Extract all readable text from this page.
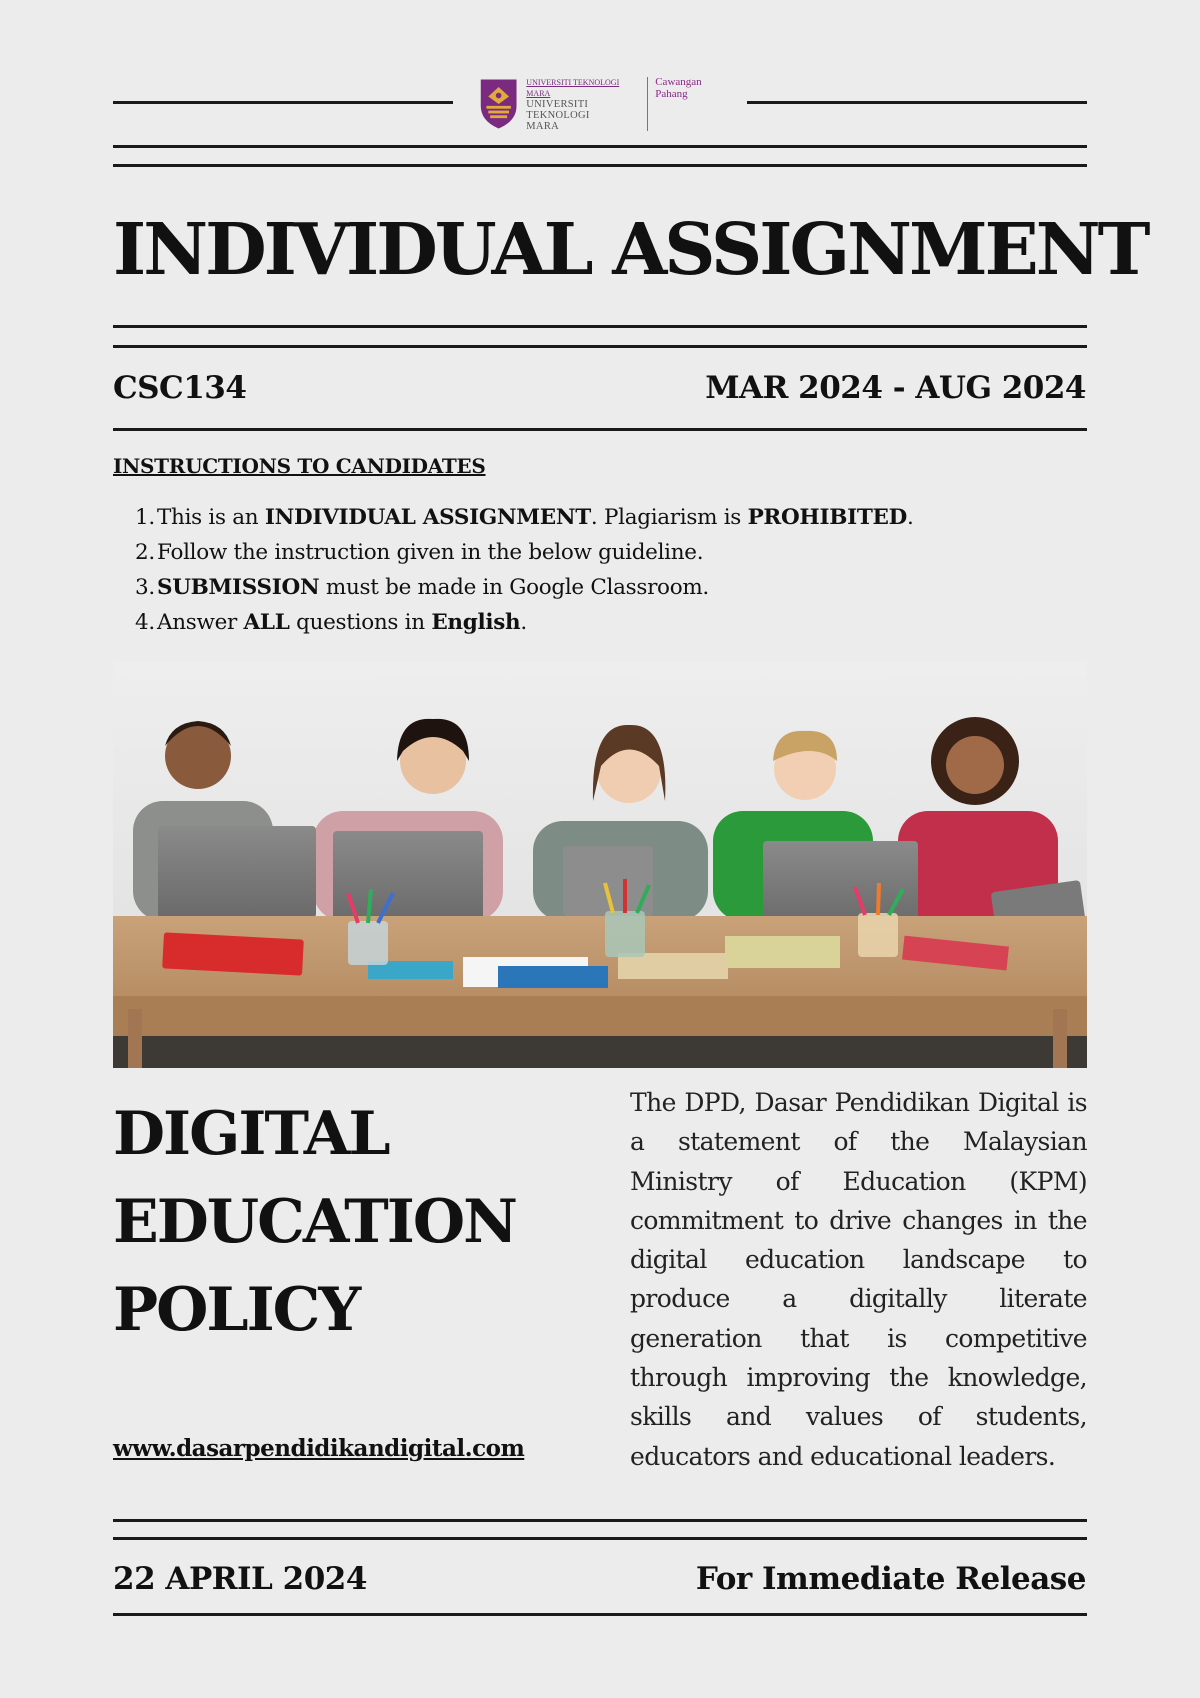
UNIVERSITI TEKNOLOGI MARA
UNIVERSITI
TEKNOLOGI
MARA
Cawangan Pahang
INDIVIDUAL ASSIGNMENT
CSC134	MAR 2024 - AUG 2024
INSTRUCTIONS TO CANDIDATES
1.This is an INDIVIDUAL ASSIGNMENT. Plagiarism is PROHIBITED.
2.Follow the instruction given in the below guideline.
3.SUBMISSION must be made in Google Classroom.
4.Answer ALL questions in English.
DIGITAL
EDUCATION
POLICY
www.dasarpendidikandigital.com
The DPD, Dasar Pendidikan Digital is a statement of the Malaysian Ministry of Education (KPM) commitment to drive changes in the digital education landscape to produce a digitally literate generation that is competitive through improving the knowledge, skills and values of students, educators and educational leaders.
22 APRIL 2024	For Immediate Release
